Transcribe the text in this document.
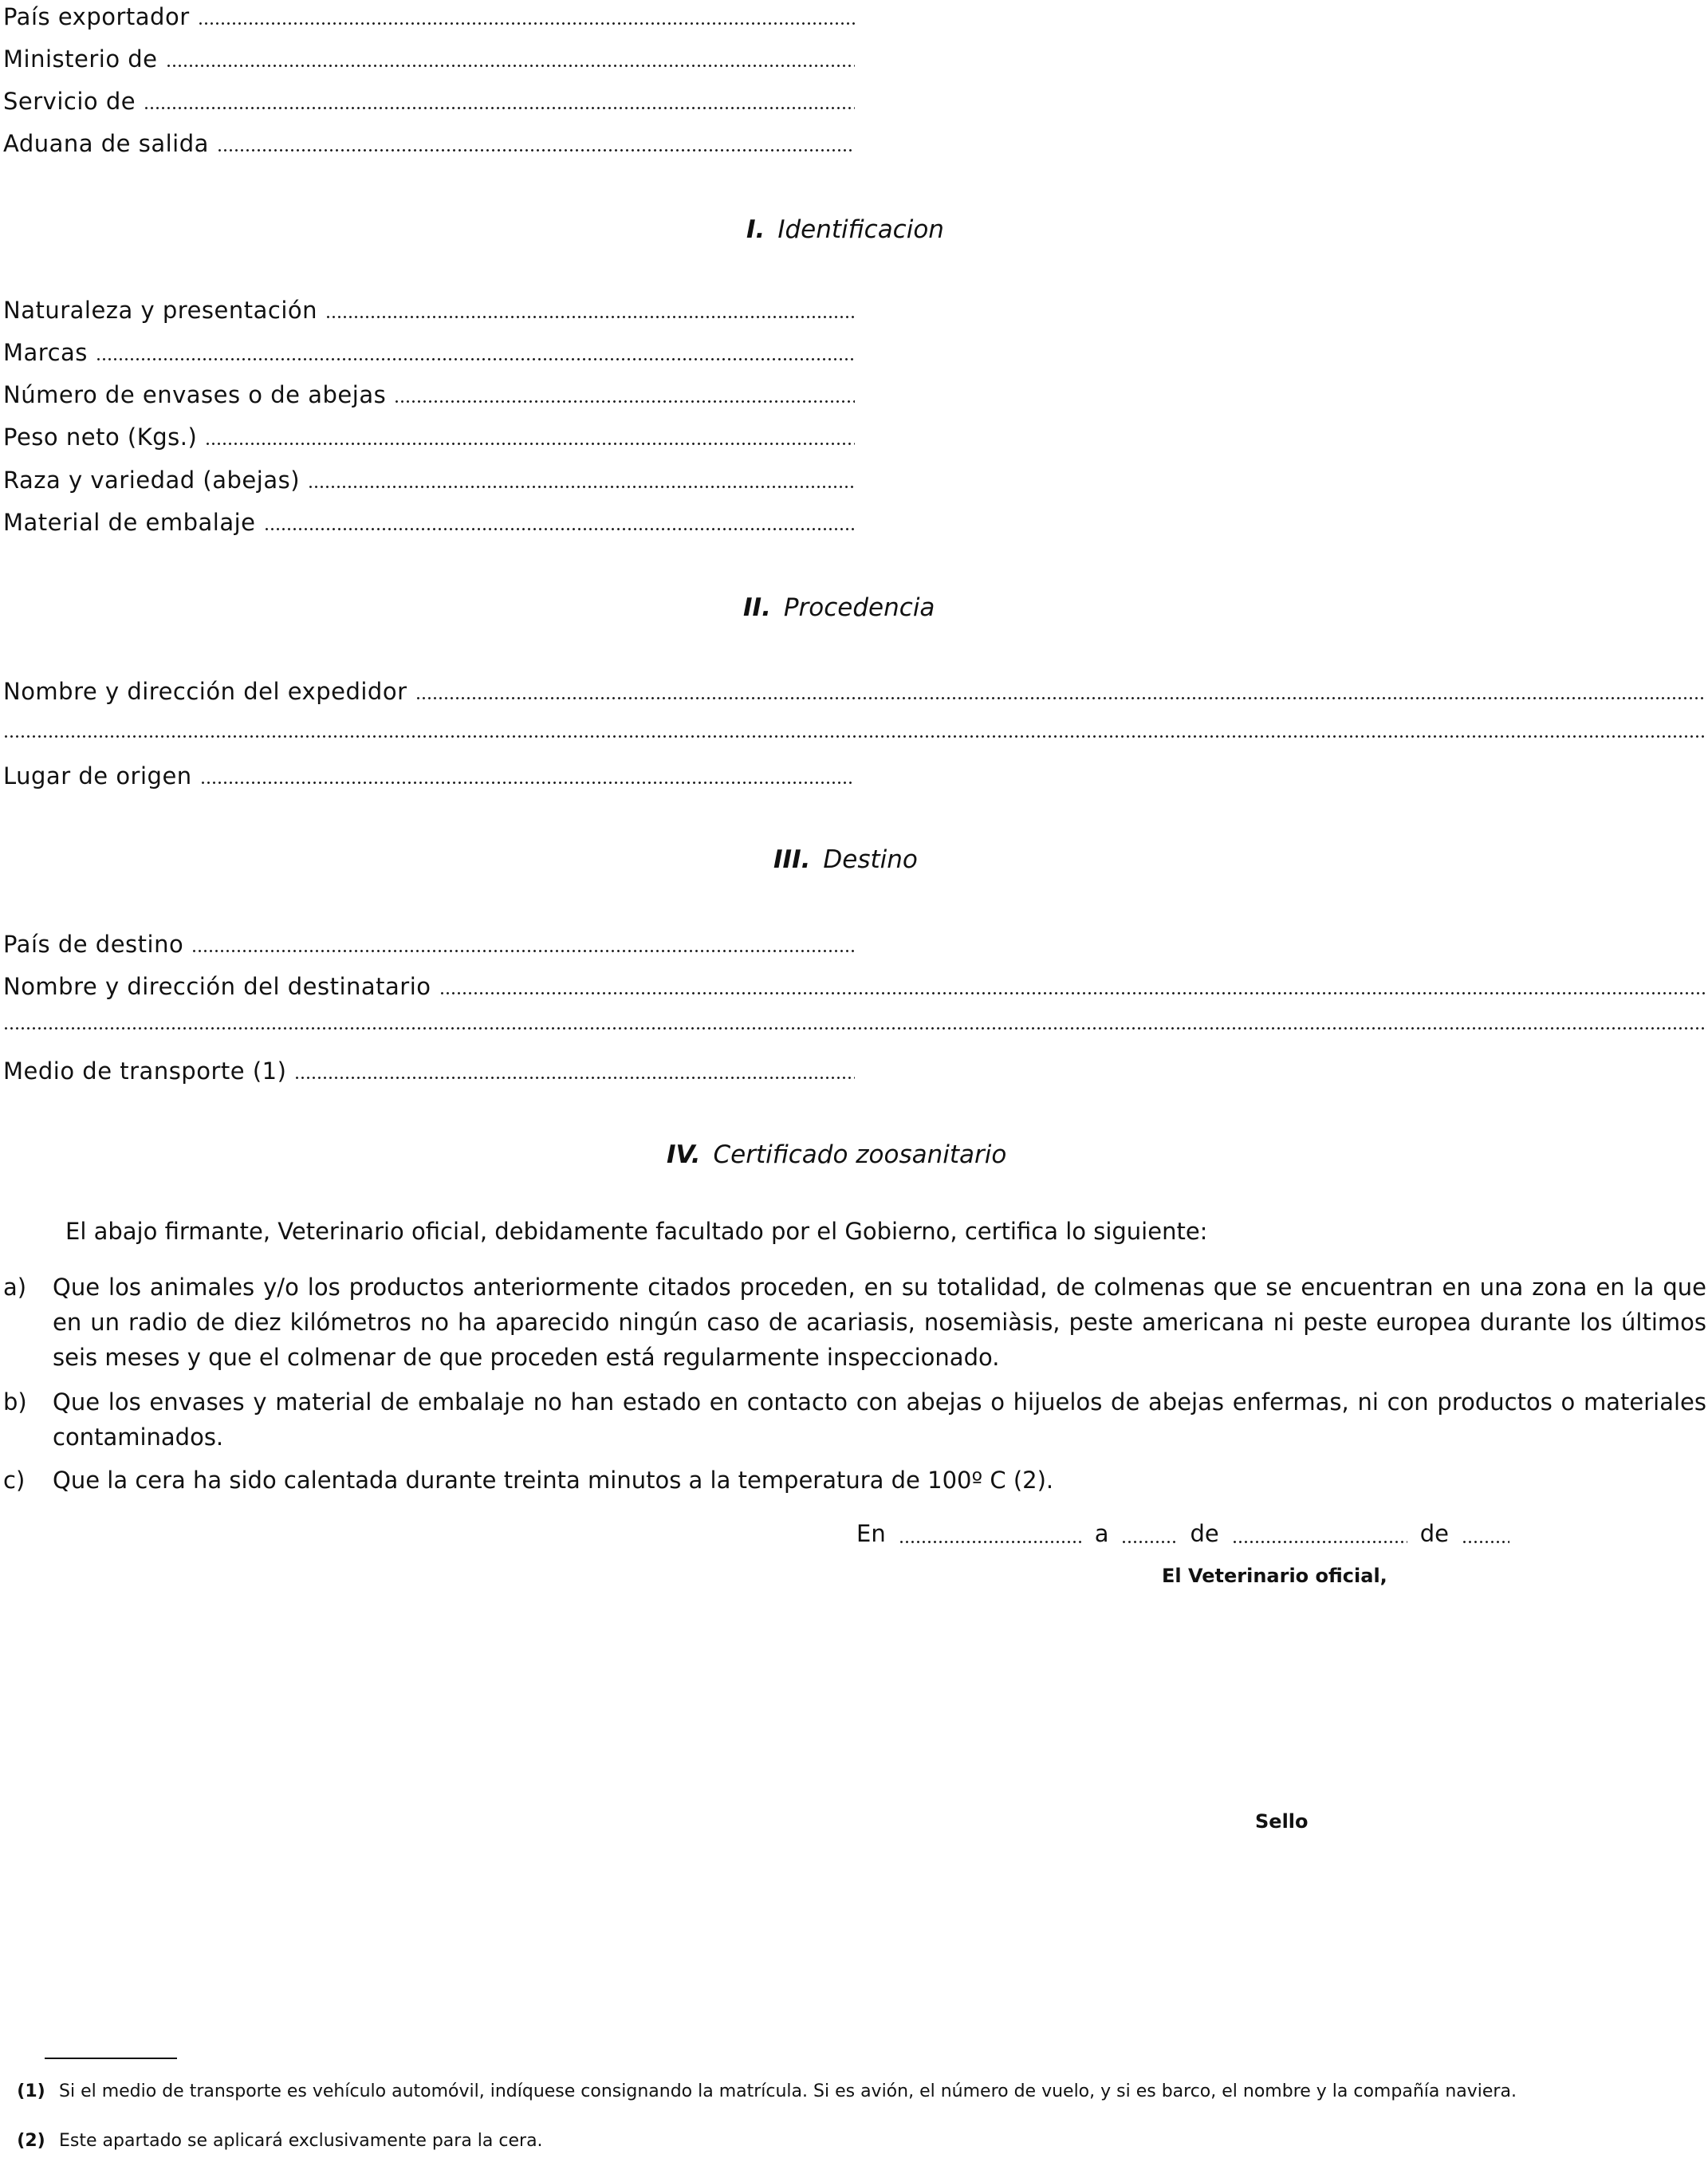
País exportador
Ministerio de
Servicio de
Aduana de salida
I. Identificacion
Naturaleza y presentación
Marcas
Número de envases o de abejas
Peso neto (Kgs.)
Raza y variedad (abejas)
Material de embalaje
II. Procedencia
Nombre y dirección del expedidor
Lugar de origen
III. Destino
País de destino
Nombre y dirección del destinatario
Medio de transporte (1)
IV. Certificado zoosanitario
El abajo firmante, Veterinario oficial, debidamente facultado por el Gobierno, certifica lo siguiente:
a)	Que los animales y/o los productos anteriormente citados proceden, en su totalidad, de colmenas que se encuentran en una zona en la que en un radio de diez kilómetros no ha aparecido ningún caso de acariasis, nosemiàsis, peste americana ni peste europea durante los últimos seis meses y que el colmenar de que proceden está regularmente inspeccionado.
b)	Que los envases y material de embalaje no han estado en contacto con abejas o hijuelos de abejas enfermas, ni con productos o materiales contaminados.
c)	Que la cera ha sido calentada durante treinta minutos a la temperatura de 100º C (2).
En	a	de	de
El Veterinario oficial,
Sello
(1) Si el medio de transporte es vehículo automóvil, indíquese consignando la matrícula. Si es avión, el número de vuelo, y si es barco, el nombre y la compañía naviera.
(2) Este apartado se aplicará exclusivamente para la cera.
